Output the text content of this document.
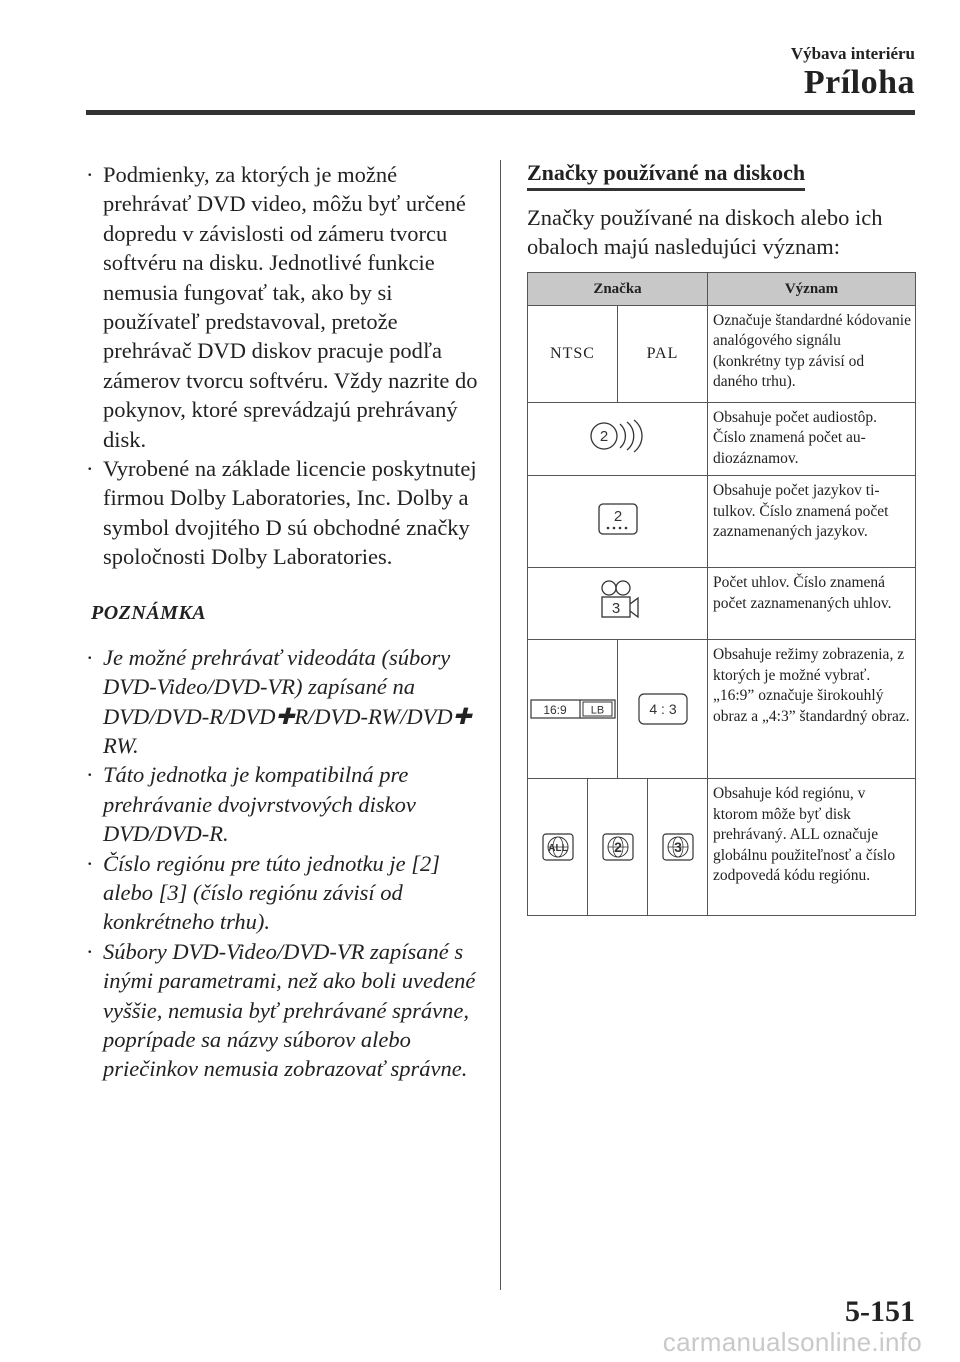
Výbava interiéru
Príloha
· Podmienky, za ktorých je možné prehrávať DVD video, môžu byť určené dopredu v závislosti od zámeru tvorcu softvéru na disku. Jednotlivé funkcie nemusia fungovať tak, ako by si používateľ predstavoval, pretože prehrávač DVD diskov pracuje podľa zámerov tvorcu softvéru. Vždy nazrite do pokynov, ktoré sprevádzajú prehrávaný disk.
· Vyrobené na základe licencie poskytnutej firmou Dolby Laboratories, Inc. Dolby a symbol dvojitého D sú obchodné značky spoločnosti Dolby Laboratories.
POZNÁMKA
· Je možné prehrávať videodáta (súbory DVD-Video/DVD-VR) zapísané na DVD/DVD-R/DVD✚R/DVD-RW/DVD✚ RW.
· Táto jednotka je kompatibilná pre prehrávanie dvojvrstvových diskov DVD/DVD-R.
· Číslo regiónu pre túto jednotku je [2] alebo [3] (číslo regiónu závisí od konkrétneho trhu).
· Súbory DVD-Video/DVD-VR zapísané s inými parametrami, než ako boli uvedené vyššie, nemusia byť prehrávané správne, poprípade sa názvy súborov alebo priečinkov nemusia zobrazovať správne.
Značky používané na diskoch
Značky používané na diskoch alebo ich obaloch majú nasledujúci význam:
Značka	Význam

NTSC PAL	Označuje štandardné kódovanie analógového signálu (konkrétny typ závisí od daného trhu).

2	Obsahuje počet audiostôp. Číslo znamená počet audiozáznamov.

2	Obsahuje počet jazykov titulkov. Číslo znamená počet zaznamenaných jazykov.

3	Počet uhlov. Číslo znamená počet zaznamenaných uhlov.

16:9 LB 4 : 3	Obsahuje režimy zobrazenia, z ktorých je možné vybrať. „16:9” označuje širokouhlý obraz a „4:3” štandardný obraz.

ALL 2 3	Obsahuje kód regiónu, v ktorom môže byť disk prehrávaný. ALL označuje globálnu použiteľnosť a číslo zodpovedá kódu regiónu.
5-151
carmanualsonline.info
